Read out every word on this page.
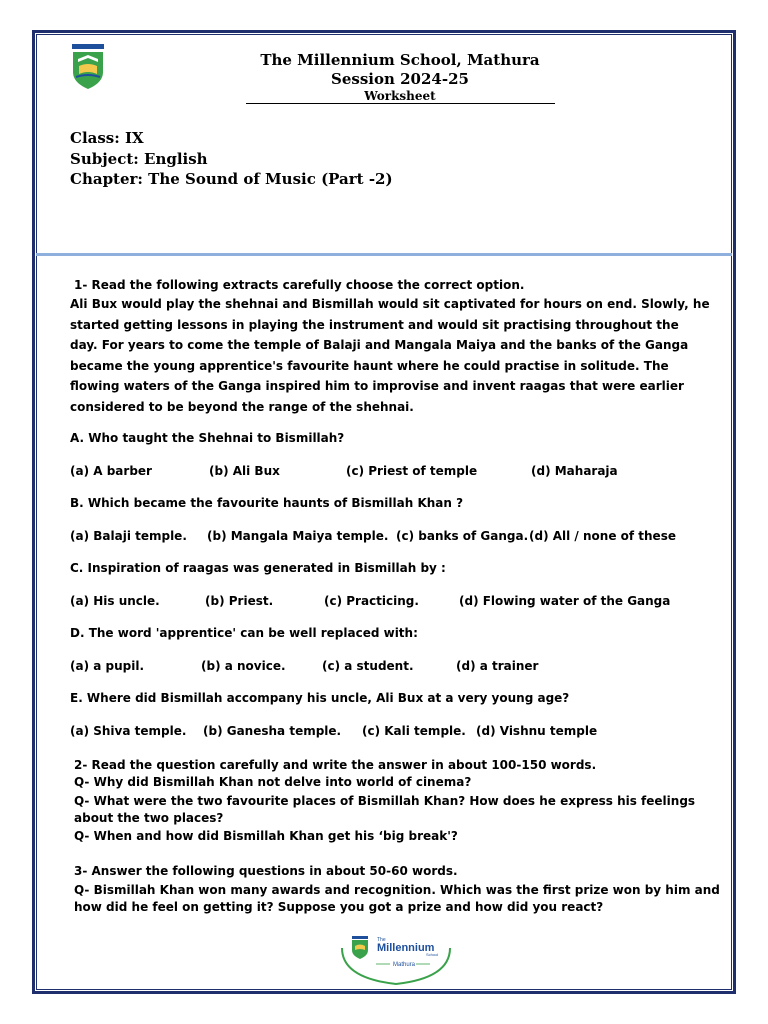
The Millennium School, Mathura
Session 2024-25
Worksheet
Class: IX
Subject: English
Chapter: The Sound of Music (Part -2)
1- Read the following extracts carefully choose the correct option.
Ali Bux would play the shehnai and Bismillah would sit captivated for hours on end. Slowly, he started getting lessons in playing the instrument and would sit practising throughout the day. For years to come the temple of Balaji and Mangala Maiya and the banks of the Ganga became the young apprentice's favourite haunt where he could practise in solitude. The flowing waters of the Ganga inspired him to improvise and invent raagas that were earlier considered to be beyond the range of the shehnai.
A. Who taught the Shehnai to Bismillah?
(a) A barber	(b) Ali Bux	(c) Priest of temple	(d) Maharaja
B. Which became the favourite haunts of Bismillah Khan ?
(a) Balaji temple. (b) Mangala Maiya temple. (c) banks of Ganga. (d) All / none of these
C. Inspiration of raagas was generated in Bismillah by :
(a) His uncle.	(b) Priest.	(c) Practicing.	(d) Flowing water of the Ganga
D. The word 'apprentice' can be well replaced with:
(a) a pupil.	(b) a novice.	(c) a student.	(d) a trainer
E. Where did Bismillah accompany his uncle, Ali Bux at a very young age?
(a) Shiva temple. (b) Ganesha temple. (c) Kali temple. (d) Vishnu temple
2- Read the question carefully and write the answer in about 100-150 words.
Q- Why did Bismillah Khan not delve into world of cinema?
Q- What were the two favourite places of Bismillah Khan? How does he express his feelings about the two places?
Q- When and how did Bismillah Khan get his ‘big break'?
3- Answer the following questions in about 50-60 words.
Q- Bismillah Khan won many awards and recognition. Which was the first prize won by him and how did he feel on getting it? Suppose you got a prize and how did you react?
The
Millennium
School
Mathura
